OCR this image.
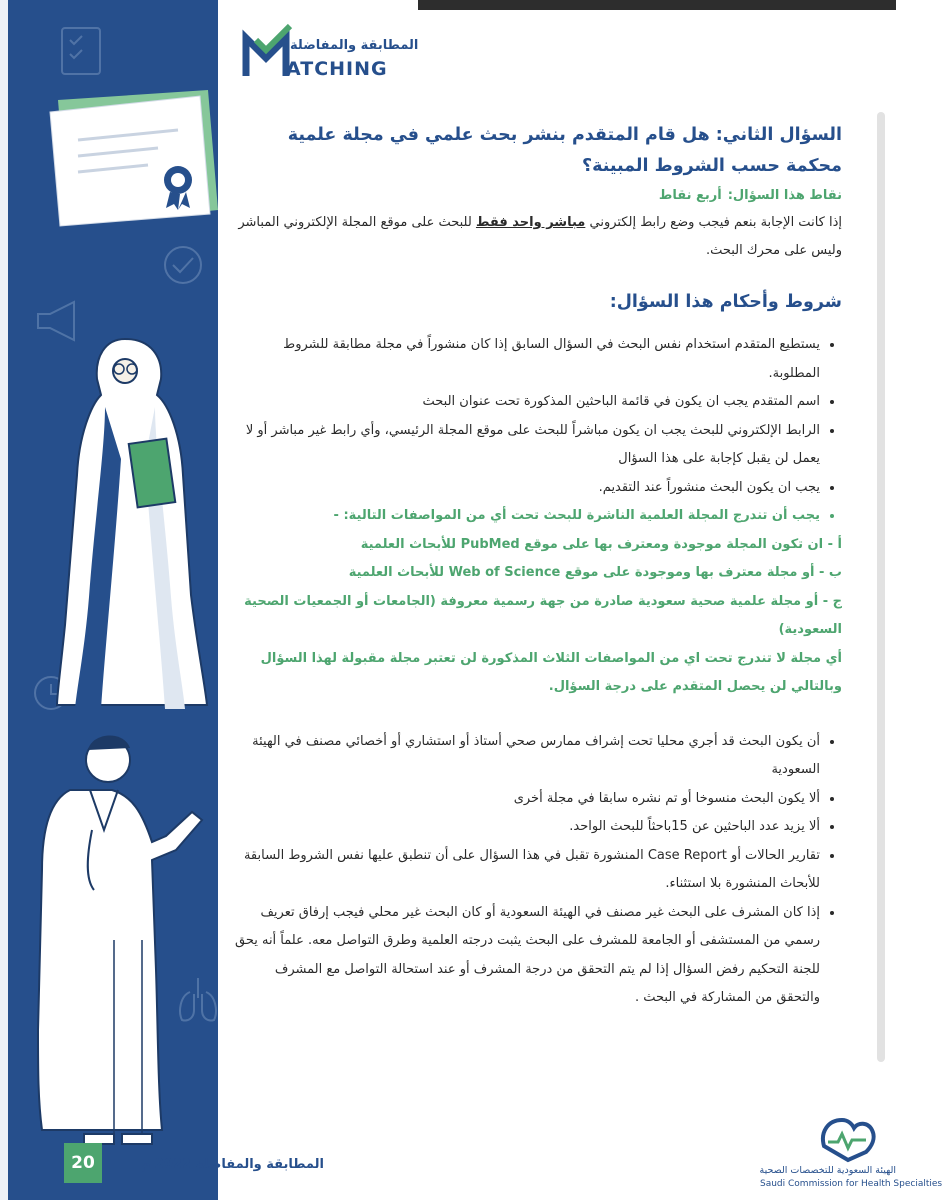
المطابقة والمفاضلة
ATCHING
السؤال الثاني: هل قام المتقدم بنشر بحث علمي في مجلة علمية
محكمة حسب الشروط المبينة؟
نقاط هذا السؤال:أربع نقاط

إذا كانت الإجابة بنعم فيجب وضع رابط إلكتروني مباشر واحد فقط للبحث على موقع المجلة الإلكتروني المباشر وليس على محرك البحث.

شروط وأحكام هذا السؤال:
• يستطيع المتقدم استخدام نفس البحث في السؤال السابق إذا كان منشوراً في مجلة مطابقة للشروط المطلوبة.
• اسم المتقدم يجب ان يكون في قائمة الباحثين المذكورة تحت عنوان البحث
• الرابط الإلكتروني للبحث يجب ان يكون مباشراً للبحث على موقع المجلة الرئيسي، وأي رابط غير مباشر أو لا يعمل لن يقبل كإجابة على هذا السؤال
• يجب ان يكون البحث منشوراً عند التقديم.
• يجب أن تندرج المجلة العلمية الناشرة للبحث تحت أي من المواصفات التالية: -

أ - ان تكون المجلة موجودة ومعترف بها على موقع PubMed للأبحاث العلمية

ب - أو مجلة معترف بها وموجودة على موقع Web of Science للأبحاث العلمية

ج - أو مجلة علمية صحية سعودية صادرة من جهة رسمية معروفة (الجامعات أو الجمعيات الصحية السعودية)

أي مجلة لا تندرج تحت اي من المواصفات الثلاث المذكورة لن تعتبر مجلة مقبولة لهذا السؤال وبالتالي لن يحصل المتقدم على درجة السؤال.

• أن يكون البحث قد أجري محليا تحت إشراف ممارس صحي أستاذ أو استشاري أو أخصائي مصنف في الهيئة السعودية
• ألا يكون البحث منسوخا أو تم نشره سابقا في مجلة أخرى
• ألا يزيد عدد الباحثين عن 15باحثاً للبحث الواحد.
• تقارير الحالات أو Case Report المنشورة تقبل في هذا السؤال على أن تنطبق عليها نفس الشروط السابقة للأبحاث المنشورة بلا استثناء.
• إذا كان المشرف على البحث غير مصنف في الهيئة السعودية أو كان البحث غير محلي فيجب إرفاق تعريف رسمي من المستشفى أو الجامعة للمشرف على البحث يثبت درجته العلمية وطرق التواصل معه. علماً أنه يحق للجنة التحكيم رفض السؤال إذا لم يتم التحقق من درجة المشرف أو عند استحالة التواصل مع المشرف والتحقق من المشاركة في البحث .
20	المطابقة والمفاضلة 2022 م	الهيئة السعودية للتخصصات الصحية
Saudi Commission for Health Specialties
